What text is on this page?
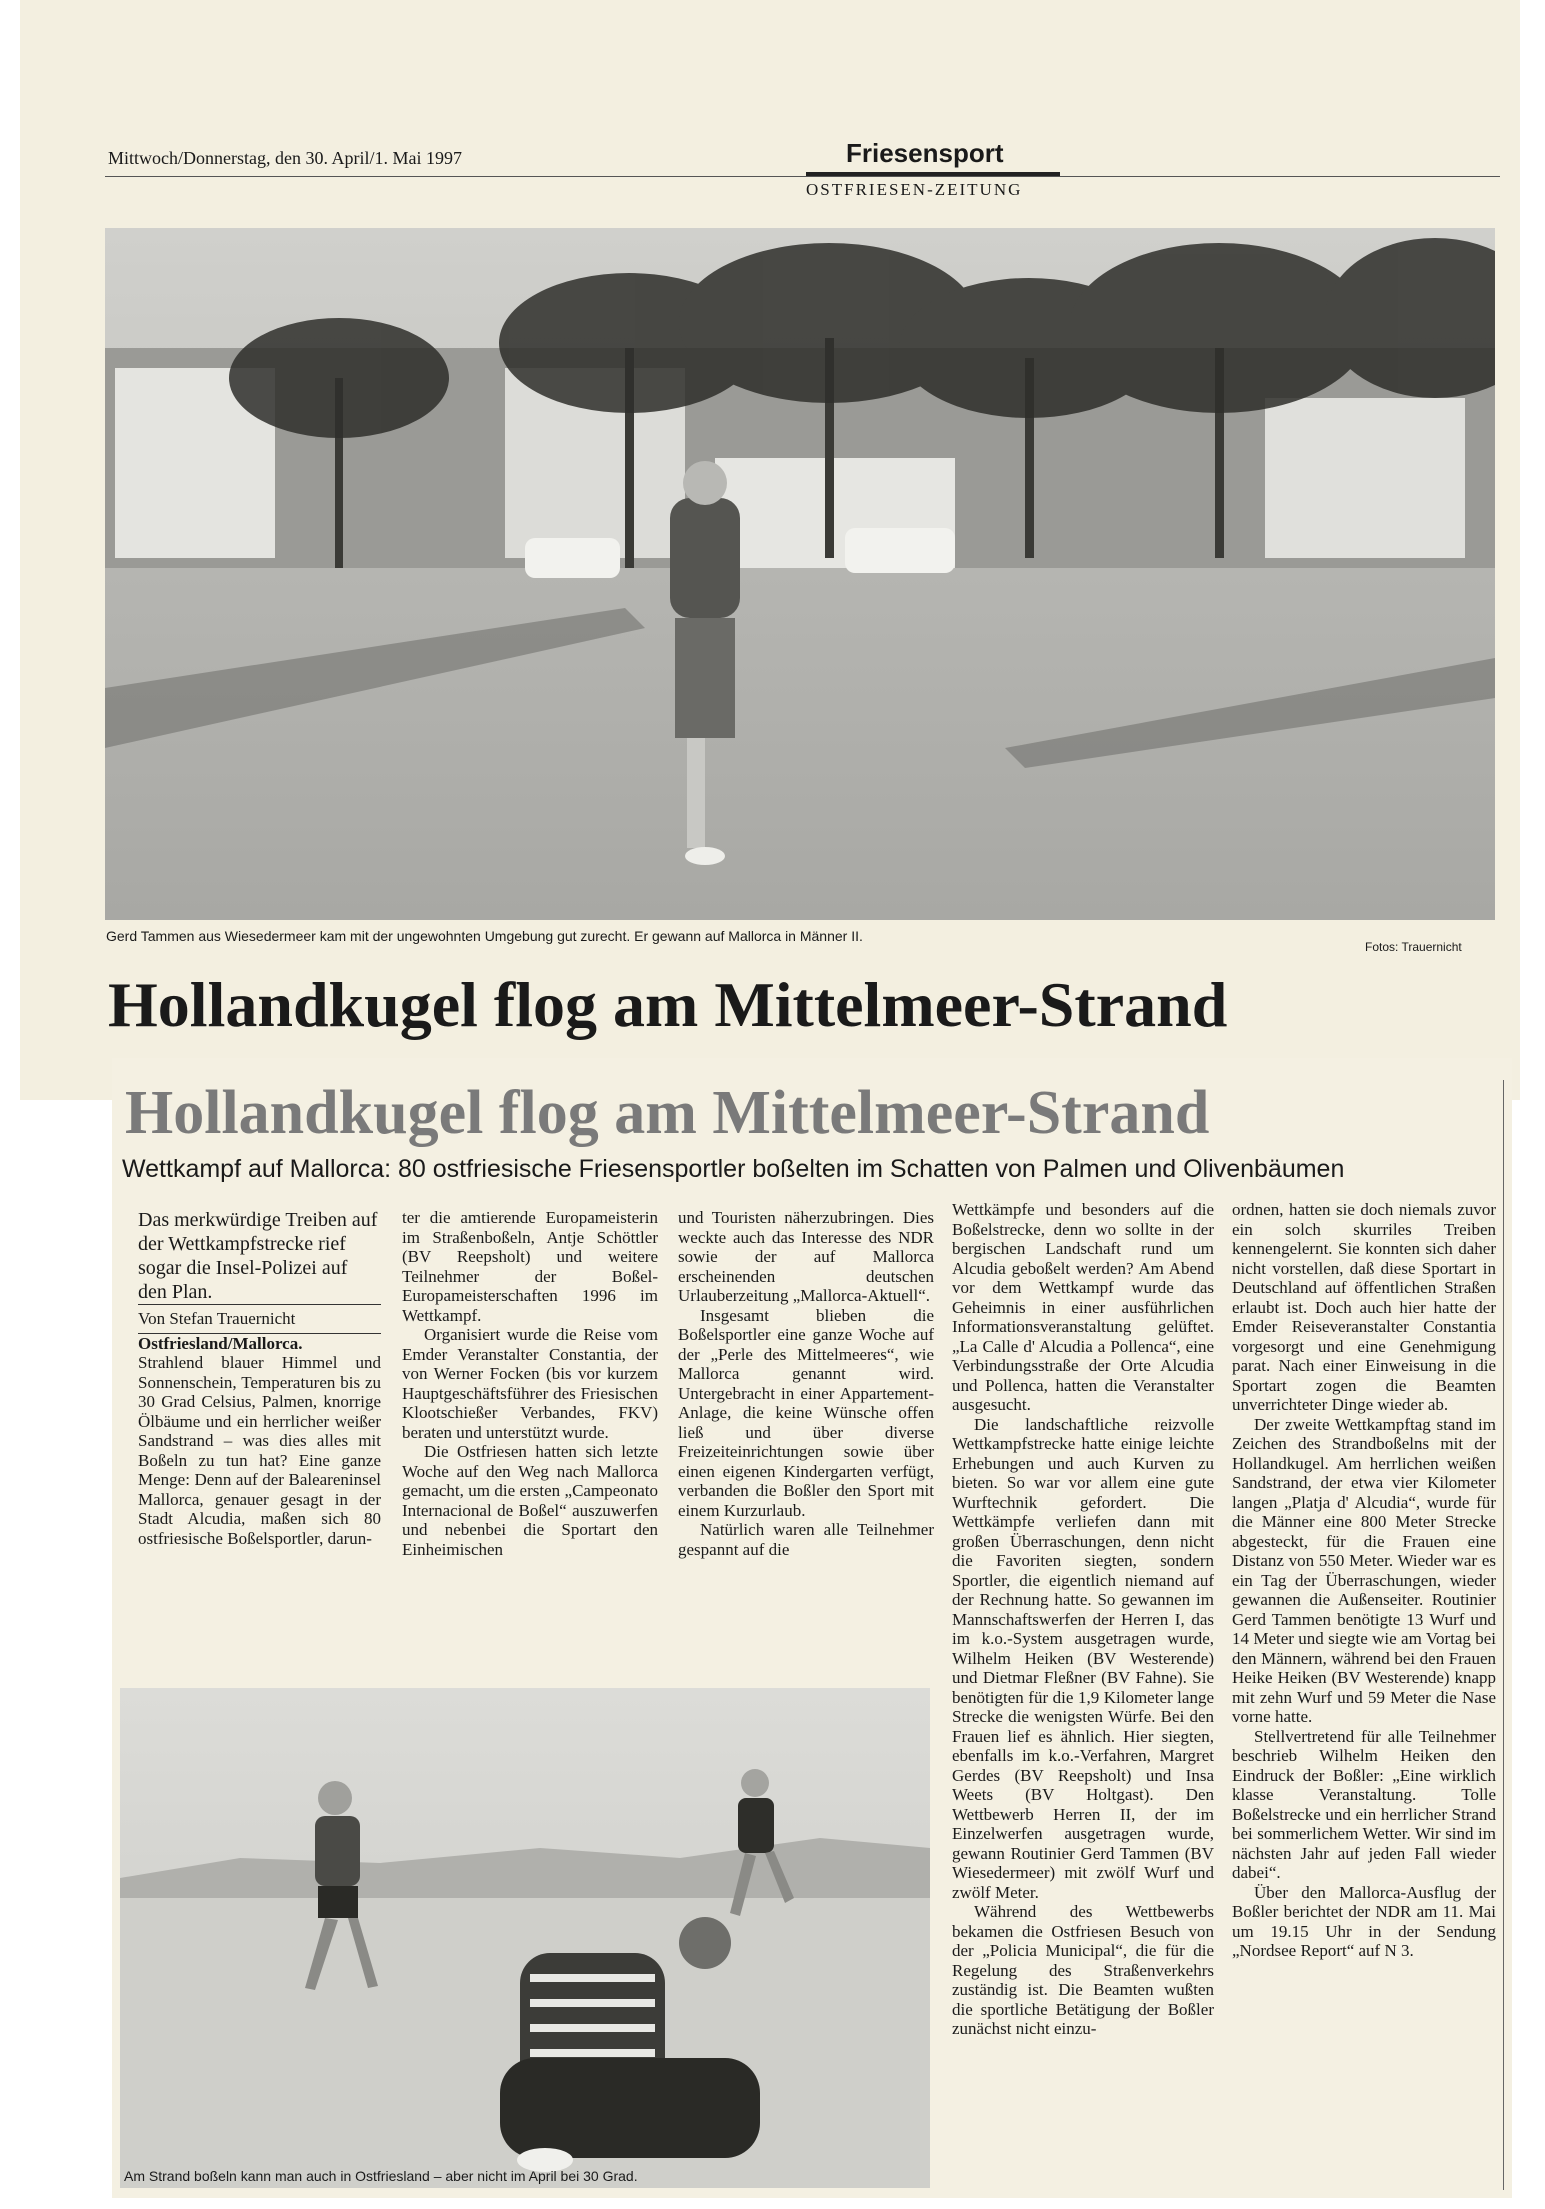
Mittwoch/Donnerstag, den 30. April/1. Mai 1997	Friesensport
OSTFRIESEN-ZEITUNG
Gerd Tammen aus Wiesedermeer kam mit der ungewohnten Umgebung gut zurecht. Er gewann auf Mallorca in Männer II.
Fotos: Trauernicht
Hollandkugel flog am Mittelmeer-Strand
Hollandkugel flog am Mittelmeer-Strand
Wettkampf auf Mallorca: 80 ostfriesische Friesensportler boßelten im Schatten von Palmen und Olivenbäumen

Das merkwürdige Treiben auf der Wettkampfstrecke rief sogar die Insel-Polizei auf den Plan.

Von Stefan Trauernicht

Ostfriesland/Mallorca.

Strahlend blauer Himmel und Sonnenschein, Temperaturen bis zu 30 Grad Celsius, Palmen, knorrige Ölbäume und ein herrlicher weißer Sandstrand – was dies alles mit Boßeln zu tun hat? Eine ganze Menge: Denn auf der Baleareninsel Mallorca, genauer gesagt in der Stadt Alcudia, maßen sich 80 ostfriesische Boßelsportler, darun-

ter die amtierende Europameisterin im Straßenboßeln, Antje Schöttler (BV Reepsholt) und weitere Teilnehmer der Boßel-Europameisterschaften 1996 im Wettkampf.

Organisiert wurde die Reise vom Emder Veranstalter Constantia, der von Werner Focken (bis vor kurzem Hauptgeschäftsführer des Friesischen Klootschießer Verbandes, FKV) beraten und unterstützt wurde.

Die Ostfriesen hatten sich letzte Woche auf den Weg nach Mallorca gemacht, um die ersten „Campeonato Internacional de Boßel“ auszuwerfen und nebenbei die Sportart den Einheimischen

und Touristen näherzubringen. Dies weckte auch das Interesse des NDR sowie der auf Mallorca erscheinenden deutschen Urlauberzeitung „Mallorca-Aktuell“.

Insgesamt blieben die Boßelsportler eine ganze Woche auf der „Perle des Mittelmeeres“, wie Mallorca genannt wird. Untergebracht in einer Appartement-Anlage, die keine Wünsche offen ließ und über diverse Freizeiteinrichtungen sowie über einen eigenen Kindergarten verfügt, verbanden die Boßler den Sport mit einem Kurzurlaub.

Natürlich waren alle Teilnehmer gespannt auf die

Wettkämpfe und besonders auf die Boßelstrecke, denn wo sollte in der bergischen Landschaft rund um Alcudia geboßelt werden? Am Abend vor dem Wettkampf wurde das Geheimnis in einer ausführlichen Informationsveranstaltung gelüftet. „La Calle d' Alcudia a Pollenca“, eine Verbindungsstraße der Orte Alcudia und Pollenca, hatten die Veranstalter ausgesucht.

Die landschaftliche reizvolle Wettkampfstrecke hatte einige leichte Erhebungen und auch Kurven zu bieten. So war vor allem eine gute Wurftechnik gefordert. Die Wettkämpfe verliefen dann mit großen Überraschungen, denn nicht die Favoriten siegten, sondern Sportler, die eigentlich niemand auf der Rechnung hatte. So gewannen im Mannschaftswerfen der Herren I, das im k.o.-System ausgetragen wurde, Wilhelm Heiken (BV Westerende) und Dietmar Fleßner (BV Fahne). Sie benötigten für die 1,9 Kilometer lange Strecke die wenigsten Würfe. Bei den Frauen lief es ähnlich. Hier siegten, ebenfalls im k.o.-Verfahren, Margret Gerdes (BV Reepsholt) und Insa Weets (BV Holtgast). Den Wettbewerb Herren II, der im Einzelwerfen ausgetragen wurde, gewann Routinier Gerd Tammen (BV Wiesedermeer) mit zwölf Wurf und zwölf Meter.

Während des Wettbewerbs bekamen die Ostfriesen Besuch von der „Policia Municipal“, die für die Regelung des Straßenverkehrs zuständig ist. Die Beamten wußten die sportliche Betätigung der Boßler zunächst nicht einzu-

ordnen, hatten sie doch niemals zuvor ein solch skurriles Treiben kennengelernt. Sie konnten sich daher nicht vorstellen, daß diese Sportart in Deutschland auf öffentlichen Straßen erlaubt ist. Doch auch hier hatte der Emder Reiseveranstalter Constantia vorgesorgt und eine Genehmigung parat. Nach einer Einweisung in die Sportart zogen die Beamten unverrichteter Dinge wieder ab.

Der zweite Wettkampftag stand im Zeichen des Strandboßelns mit der Hollandkugel. Am herrlichen weißen Sandstrand, der etwa vier Kilometer langen „Platja d' Alcudia“, wurde für die Männer eine 800 Meter Strecke abgesteckt, für die Frauen eine Distanz von 550 Meter. Wieder war es ein Tag der Überraschungen, wieder gewannen die Außenseiter. Routinier Gerd Tammen benötigte 13 Wurf und 14 Meter und siegte wie am Vortag bei den Männern, während bei den Frauen Heike Heiken (BV Westerende) knapp mit zehn Wurf und 59 Meter die Nase vorne hatte.

Stellvertretend für alle Teilnehmer beschrieb Wilhelm Heiken den Eindruck der Boßler: „Eine wirklich klasse Veranstaltung. Tolle Boßelstrecke und ein herrlicher Strand bei sommerlichem Wetter. Wir sind im nächsten Jahr auf jeden Fall wieder dabei“.

Über den Mallorca-Ausflug der Boßler berichtet der NDR am 11. Mai um 19.15 Uhr in der Sendung „Nordsee Report“ auf N 3.

Am Strand boßeln kann man auch in Ostfriesland – aber nicht im April bei 30 Grad.
